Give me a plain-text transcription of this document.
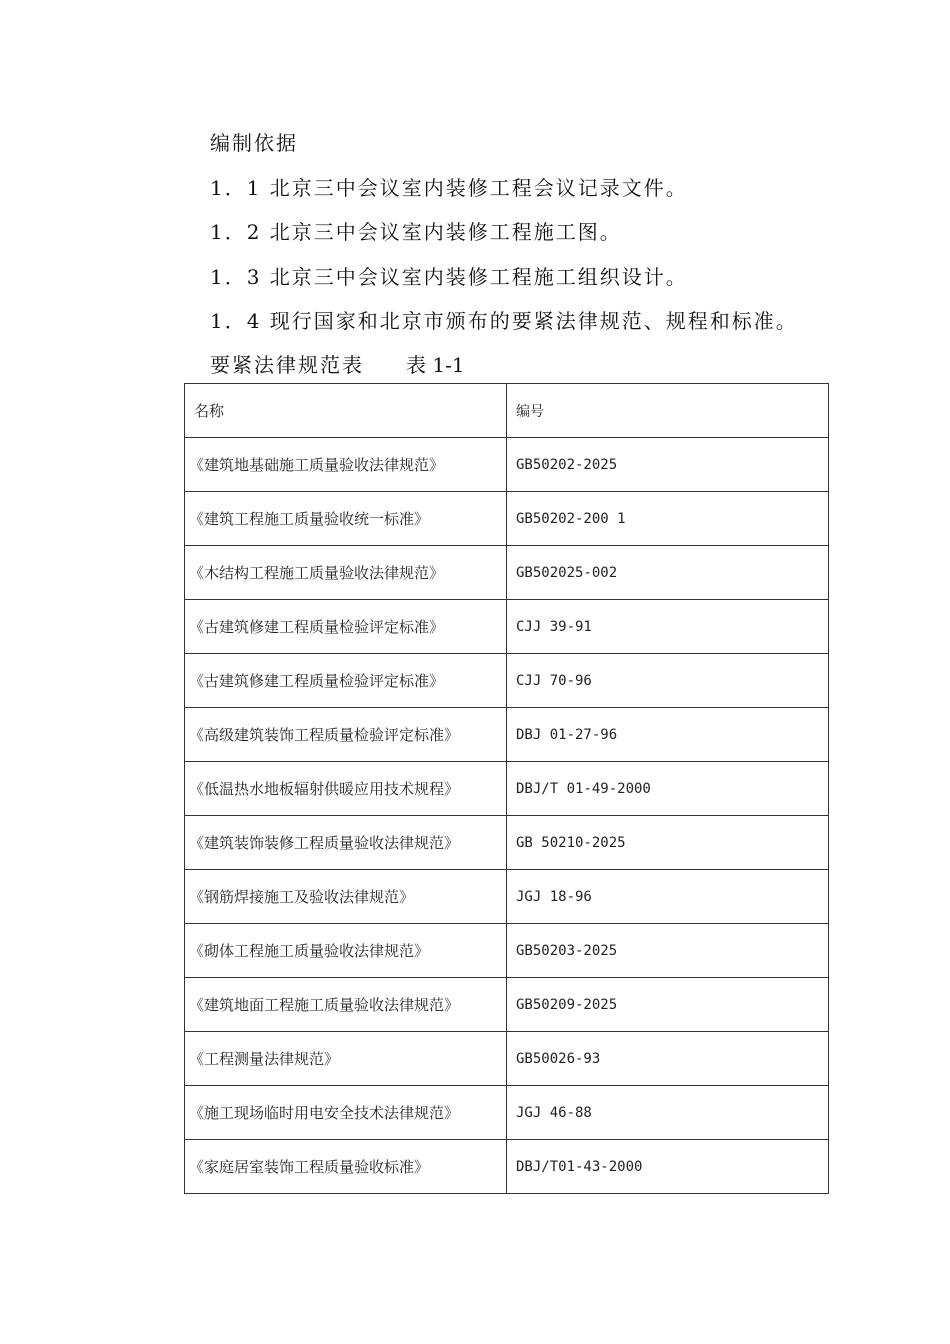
编制依据
1．1 北京三中会议室内装修工程会议记录文件。
1．2 北京三中会议室内装修工程施工图。
1．3 北京三中会议室内装修工程施工组织设计。
1．4 现行国家和北京市颁布的要紧法律规范、规程和标准。
要紧法律规范表 表 1-1
名称	编号
《建筑地基础施工质量验收法律规范》	GB50202-2025
《建筑工程施工质量验收统一标准》	GB50202-200 1
《木结构工程施工质量验收法律规范》	GB502025-002
《古建筑修建工程质量检验评定标准》	CJJ 39-91
《古建筑修建工程质量检验评定标准》	CJJ 70-96
《高级建筑装饰工程质量检验评定标准》	DBJ 01-27-96
《低温热水地板辐射供暖应用技术规程》	DBJ/T 01-49-2000
《建筑装饰装修工程质量验收法律规范》	GB 50210-2025
《钢筋焊接施工及验收法律规范》	JGJ 18-96
《砌体工程施工质量验收法律规范》	GB50203-2025
《建筑地面工程施工质量验收法律规范》	GB50209-2025
《工程测量法律规范》	GB50026-93
《施工现场临时用电安全技术法律规范》	JGJ 46-88
《家庭居室装饰工程质量验收标准》	DBJ/T01-43-2000
